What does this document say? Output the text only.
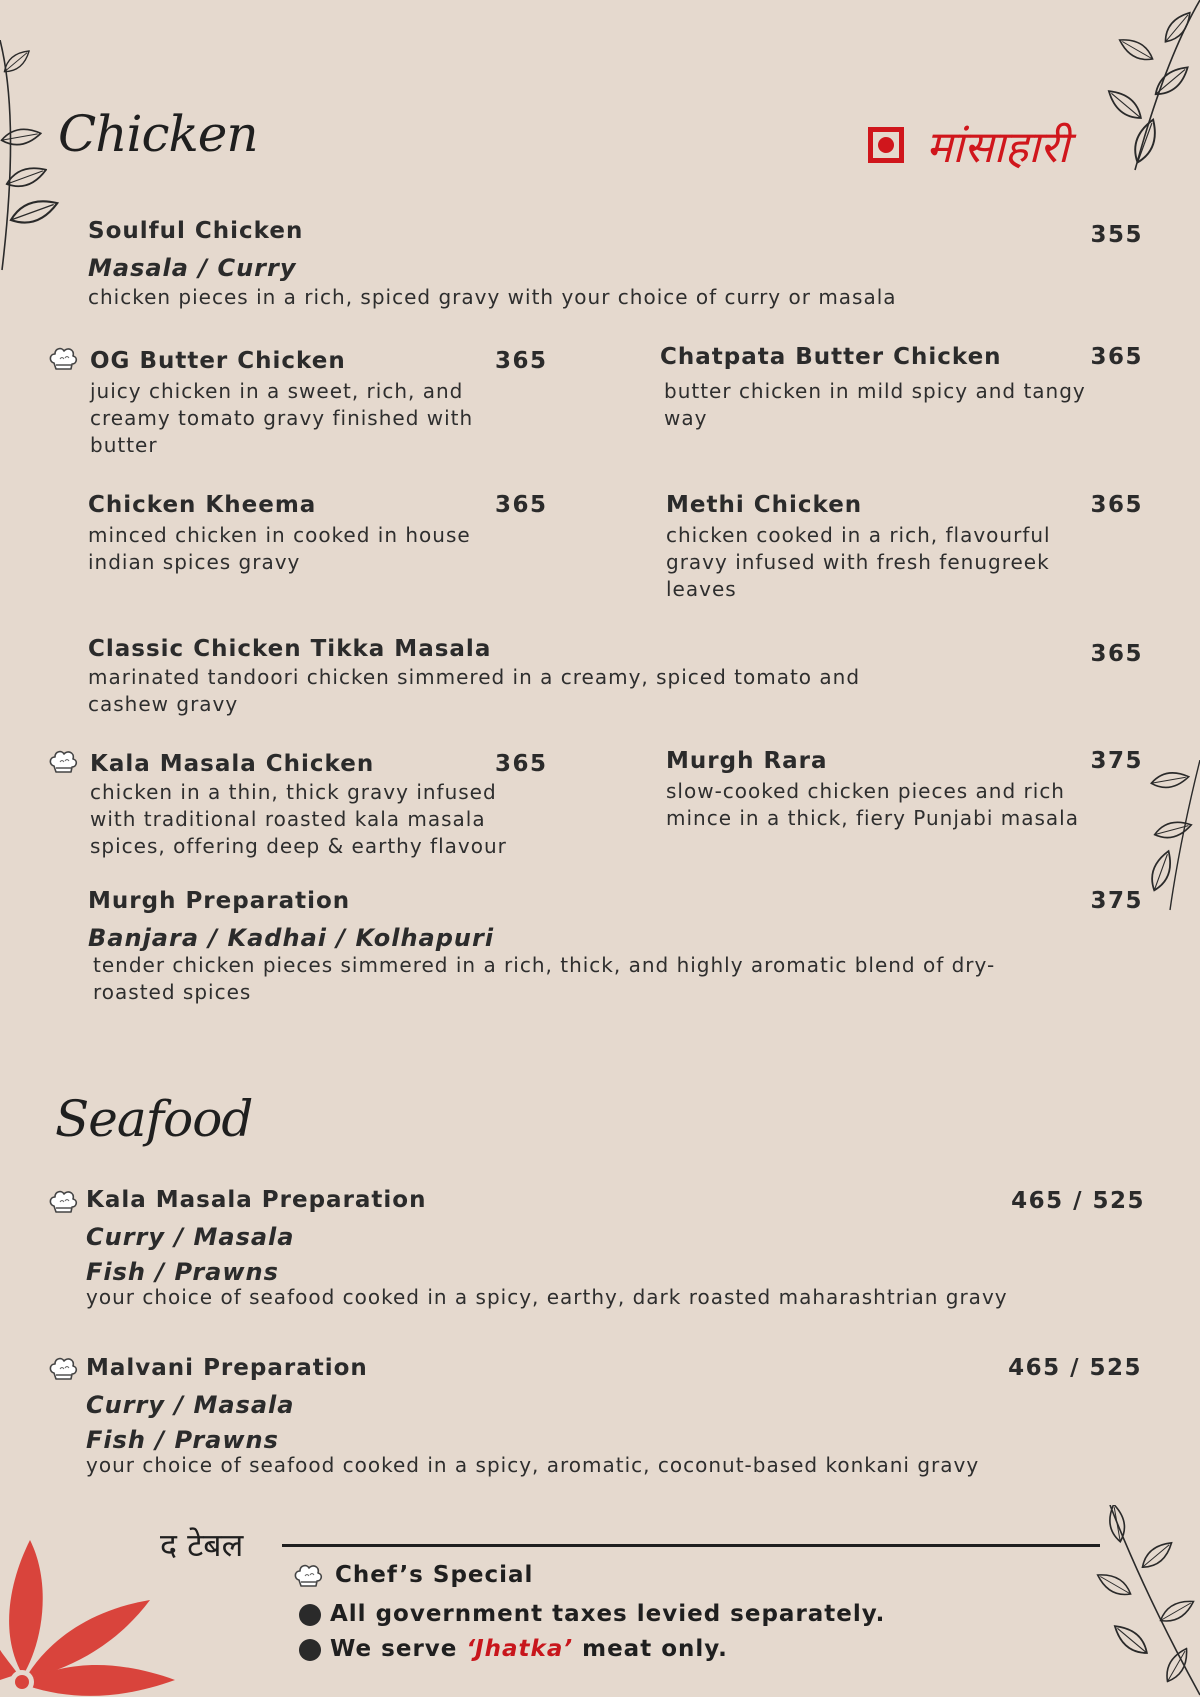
Chicken	मांसाहारी
Soulful Chicken
Masala / Curry
chicken pieces in a rich, spiced gravy with your choice of curry or masala
355
OG Butter Chicken
juicy chicken in a sweet, rich, and creamy tomato gravy finished with butter
365	Chatpata Butter Chicken
butter chicken in mild spicy and tangy way
365
Chicken Kheema
minced chicken in cooked in house indian spices gravy
365	Methi Chicken
chicken cooked in a rich, flavourful gravy infused with fresh fenugreek leaves
365
Classic Chicken Tikka Masala
marinated tandoori chicken simmered in a creamy, spiced tomato and cashew gravy
365
Kala Masala Chicken
chicken in a thin, thick gravy infused with traditional roasted kala masala spices, offering deep & earthy flavour
365	Murgh Rara
slow-cooked chicken pieces and rich mince in a thick, fiery Punjabi masala
375
Murgh Preparation
Banjara / Kadhai / Kolhapuri
tender chicken pieces simmered in a rich, thick, and highly aromatic blend of dry-roasted spices
375
Seafood
Kala Masala Preparation
Curry / Masala
Fish / Prawns
your choice of seafood cooked in a spicy, earthy, dark roasted maharashtrian gravy
465 / 525
Malvani Preparation
Curry / Masala
Fish / Prawns
your choice of seafood cooked in a spicy, aromatic, coconut-based konkani gravy
465 / 525
द टेबल
Chef’s Special
All government taxes levied separately.
We serve ‘Jhatka’ meat only.
